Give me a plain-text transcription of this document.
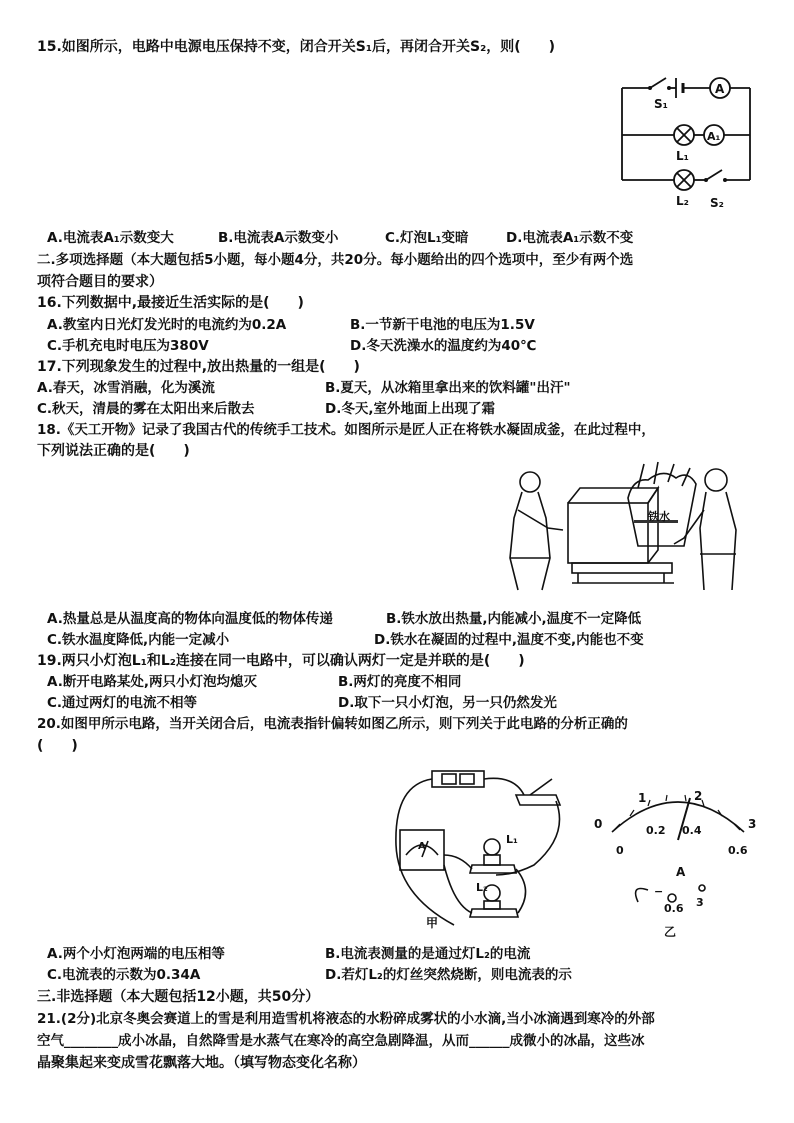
15.如图所示，电路中电源电压保持不变，闭合开关S₁后，再闭合开关S₂，则(　　)
S₁
A
A₁
L₁
L₂ S₂
A.电流表A₁示数变大	B.电流表A示数变小	C.灯泡L₁变暗	D.电流表A₁示数不变
二.多项选择题（本大题包括5小题，每小题4分，共20分。每小题给出的四个选项中，至少有两个选
项符合题目的要求）
16.下列数据中,最接近生活实际的是(　　)
A.教室内日光灯发光时的电流约为0.2A	B.一节新干电池的电压为1.5V
C.手机充电时电压为380V	D.冬天洗澡水的温度约为40℃
17.下列现象发生的过程中,放出热量的一组是(　　)
A.春天，冰雪消融，化为溪流	B.夏天，从冰箱里拿出来的饮料罐"出汗"
C.秋天，清晨的雾在太阳出来后散去	D.冬天,室外地面上出现了霜
18.《天工开物》记录了我国古代的传统手工技术。如图所示是匠人正在将铁水凝固成釜，在此过程中，
下列说法正确的是(　　)
铁水
A.热量总是从温度高的物体向温度低的物体传递	B.铁水放出热量,内能减小,温度不一定降低
C.铁水温度降低,内能一定减小	D.铁水在凝固的过程中,温度不变,内能也不变
19.两只小灯泡L₁和L₂连接在同一电路中，可以确认两灯一定是并联的是(　　)
A.断开电路某处,两只小灯泡均熄灭	B.两灯的亮度不相同
C.通过两灯的电流不相等	D.取下一只小灯泡，另一只仍然发光
20.如图甲所示电路，当开关闭合后，电流表指针偏转如图乙所示，则下列关于此电路的分析正确的
(　　)
A
L₁
L₂
甲
0
1	2
3
0
0.2 0.4
0.6
A
−
0.6 3
乙
A.两个小灯泡两端的电压相等	B.电流表测量的是通过灯L₂的电流
C.电流表的示数为0.34A	D.若灯L₂的灯丝突然烧断，则电流表的示
三.非选择题（本大题包括12小题，共50分）
21.(2分)北京冬奥会赛道上的雪是利用造雪机将液态的水粉碎成雾状的小水滴,当小冰滴遇到寒冷的外部
空气________成小冰晶，自然降雪是水蒸气在寒冷的高空急剧降温，从而______成微小的冰晶，这些冰
晶聚集起来变成雪花飘落大地。（填写物态变化名称）
